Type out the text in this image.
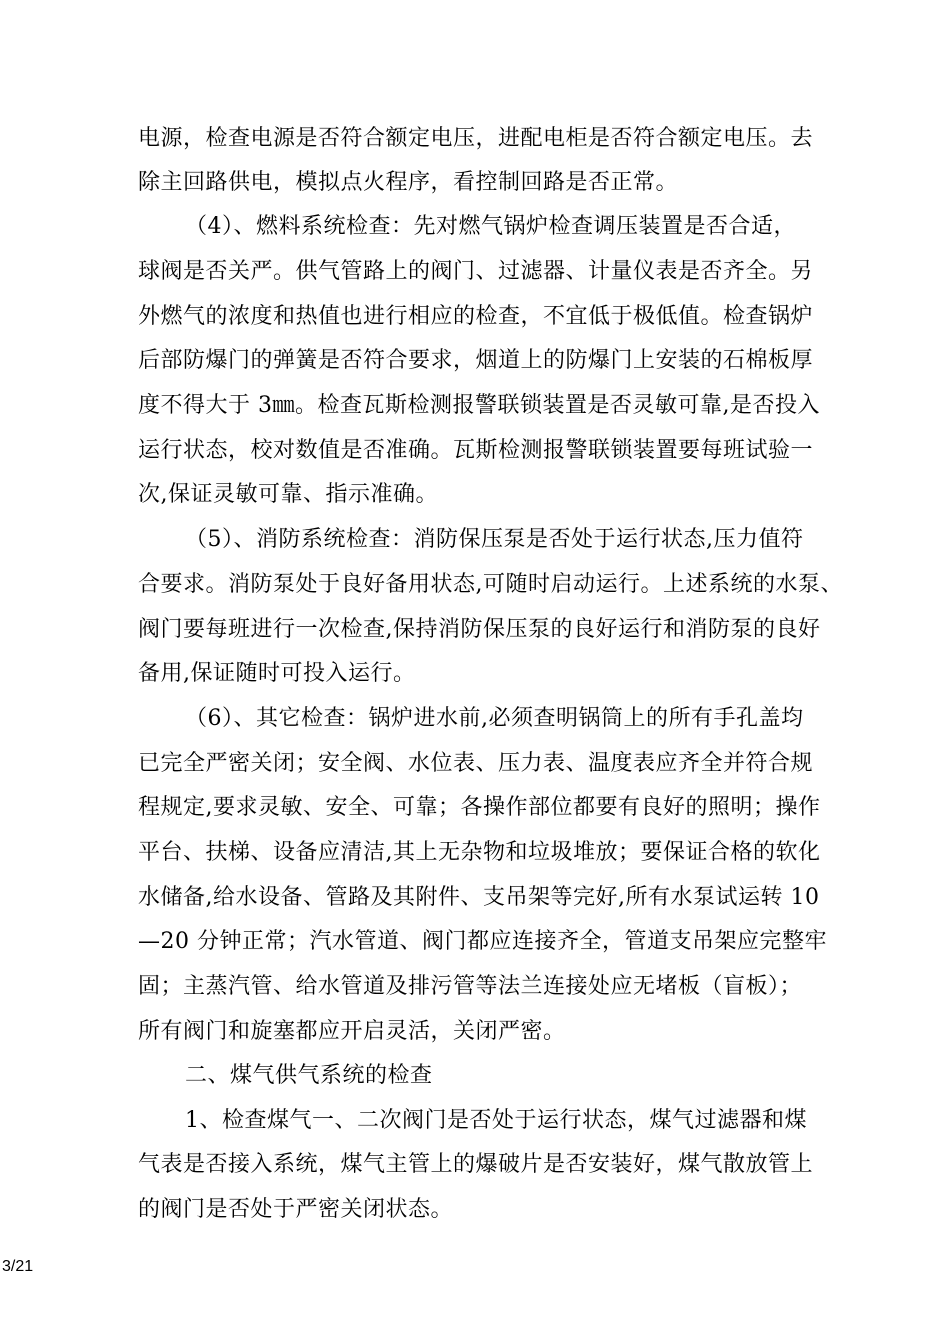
电源，检查电源是否符合额定电压，进配电柜是否符合额定电压。去
除主回路供电，模拟点火程序，看控制回路是否正常。
（4）、燃料系统检查：先对燃气锅炉检查调压装置是否合适，
球阀是否关严。供气管路上的阀门、过滤器、计量仪表是否齐全。另
外燃气的浓度和热值也进行相应的检查，不宜低于极低值。检查锅炉
后部防爆门的弹簧是否符合要求，烟道上的防爆门上安装的石棉板厚
度不得大于 3㎜。检查瓦斯检测报警联锁装置是否灵敏可靠,是否投入
运行状态，校对数值是否准确。瓦斯检测报警联锁装置要每班试验一
次,保证灵敏可靠、指示准确。
（5）、消防系统检查：消防保压泵是否处于运行状态,压力值符
合要求。消防泵处于良好备用状态,可随时启动运行。上述系统的水泵、
阀门要每班进行一次检查,保持消防保压泵的良好运行和消防泵的良好
备用,保证随时可投入运行。
（6）、其它检查：锅炉进水前,必须查明锅筒上的所有手孔盖均
已完全严密关闭；安全阀、水位表、压力表、温度表应齐全并符合规
程规定,要求灵敏、安全、可靠；各操作部位都要有良好的照明；操作
平台、扶梯、设备应清洁,其上无杂物和垃圾堆放；要保证合格的软化
水储备,给水设备、管路及其附件、支吊架等完好,所有水泵试运转 10
—20 分钟正常；汽水管道、阀门都应连接齐全，管道支吊架应完整牢
固；主蒸汽管、给水管道及排污管等法兰连接处应无堵板（盲板）；
所有阀门和旋塞都应开启灵活，关闭严密。
二、煤气供气系统的检查
1、检查煤气一、二次阀门是否处于运行状态，煤气过滤器和煤
气表是否接入系统，煤气主管上的爆破片是否安装好，煤气散放管上
的阀门是否处于严密关闭状态。
3/21
